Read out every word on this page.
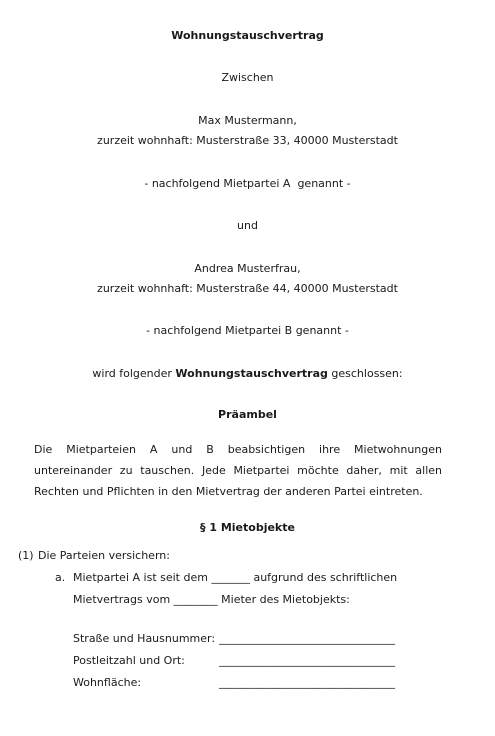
Wohnungstauschvertrag
Zwischen
Max Mustermann,
zurzeit wohnhaft: Musterstraße 33, 40000 Musterstadt
- nachfolgend Mietpartei A  genannt -
und
Andrea Musterfrau,
zurzeit wohnhaft: Musterstraße 44, 40000 Musterstadt
- nachfolgend Mietpartei B genannt -
wird folgender Wohnungstauschvertrag geschlossen:
Präambel
Die Mietparteien A und B beabsichtigen ihre Mietwohnungen
untereinander zu tauschen. Jede Mietpartei möchte daher, mit allen
Rechten und Pflichten in den Mietvertrag der anderen Partei eintreten.
§ 1 Mietobjekte
(1) Die Parteien versichern:
a. Mietpartei A ist seit dem _______ aufgrund des schriftlichen
Mietvertrags vom ________ Mieter des Mietobjekts:
Straße und Hausnummer: ________________________________
Postleitzahl und Ort:	________________________________
Wohnfläche:	________________________________
